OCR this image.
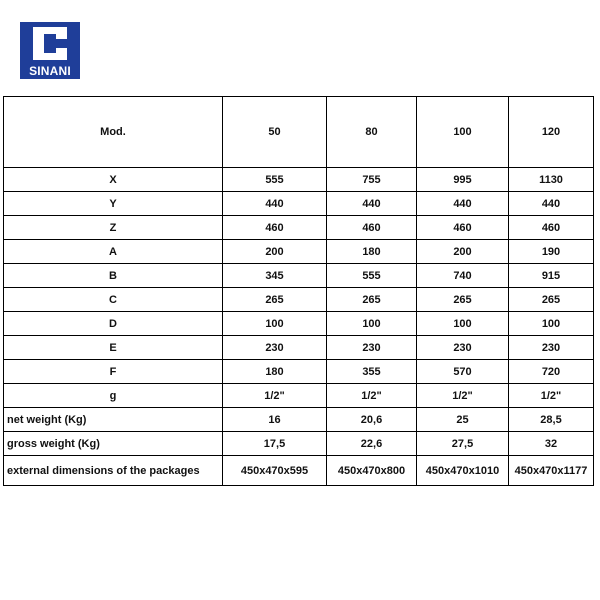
SINANI
Mod.	50	80	100	120
X	555	755	995	1130
Y	440	440	440	440
Z	460	460	460	460
A	200	180	200	190
B	345	555	740	915
C	265	265	265	265
D	100	100	100	100
E	230	230	230	230
F	180	355	570	720
g	1/2"	1/2"	1/2"	1/2"
net weight (Kg)	16	20,6	25	28,5
gross weight (Kg)	17,5	22,6	27,5	32
external dimensions of the packages	450x470x595	450x470x800	450x470x1010	450x470x1177
